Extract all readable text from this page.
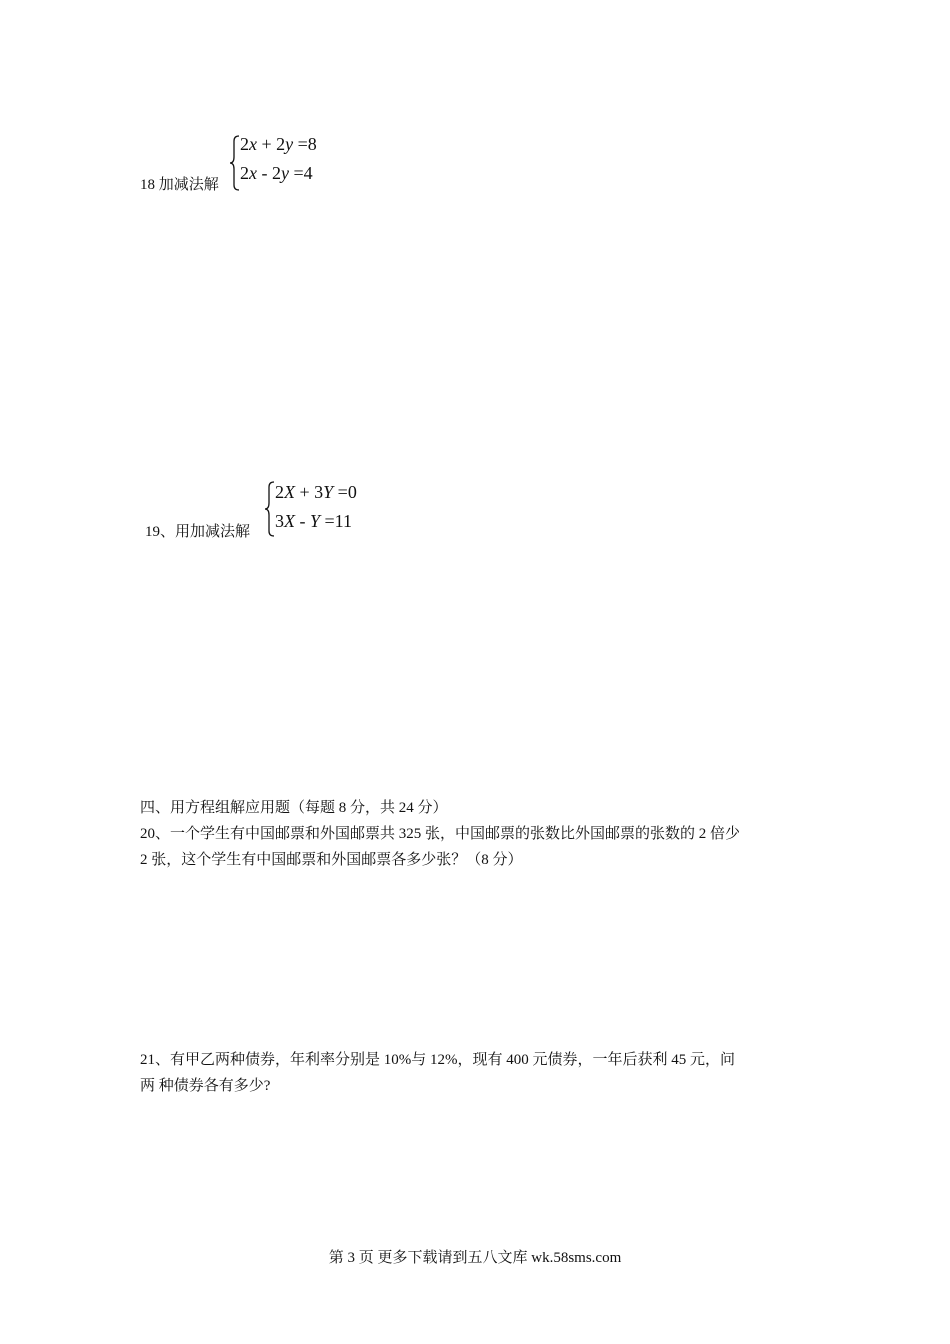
18 加减法解
2x + 2y =8
2x - 2y =4
19、用加减法解
2X + 3Y =0
3X - Y =11
四、用方程组解应用题（每题 8 分，共 24 分）
20、一个学生有中国邮票和外国邮票共 325 张，中国邮票的张数比外国邮票的张数的 2 倍少
2 张，这个学生有中国邮票和外国邮票各多少张？（8 分）
21、有甲乙两种债券，年利率分别是 10%与 12%，现有 400 元债券，一年后获利 45 元，问
两 种债券各有多少?
第 3 页 更多下载请到五八文库 wk.58sms.com
